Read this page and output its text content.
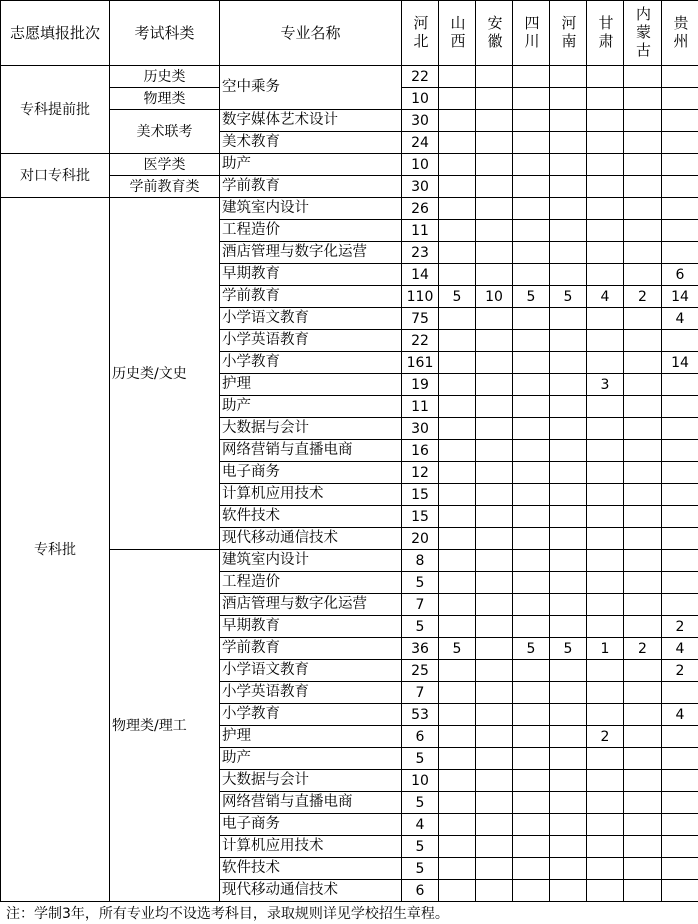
志愿填报批次	考试科类	专业名称	河北	山西	安徽	四川	河南	甘肃	内蒙古	贵州
专科提前批	历史类	空中乘务	22							
	物理类		10							
	美术联考	数字媒体艺术设计	30							
		美术教育	24							
对口专科批	医学类	助产	10							
	学前教育类	学前教育	30							
专科批	历史类/文史	建筑室内设计	26							
		工程造价	11							
		酒店管理与数字化运营	23							
		早期教育	14							6
		学前教育	110	5	10	5	5	4	2	14
		小学语文教育	75							4
		小学英语教育	22							
		小学教育	161							14
		护理	19					3		
		助产	11							
		大数据与会计	30							
		网络营销与直播电商	16							
		电子商务	12							
		计算机应用技术	15							
		软件技术	15							
		现代移动通信技术	20							
	物理类/理工	建筑室内设计	8							
		工程造价	5							
		酒店管理与数字化运营	7							
		早期教育	5							2
		学前教育	36	5		5	5	1	2	4
		小学语文教育	25							2
		小学英语教育	7							
		小学教育	53							4
		护理	6					2		
		助产	5							
		大数据与会计	10							
		网络营销与直播电商	5							
		电子商务	4							
		计算机应用技术	5							
		软件技术	5							
		现代移动通信技术	6							
注：学制3年，所有专业均不设选考科目，录取规则详见学校招生章程。
